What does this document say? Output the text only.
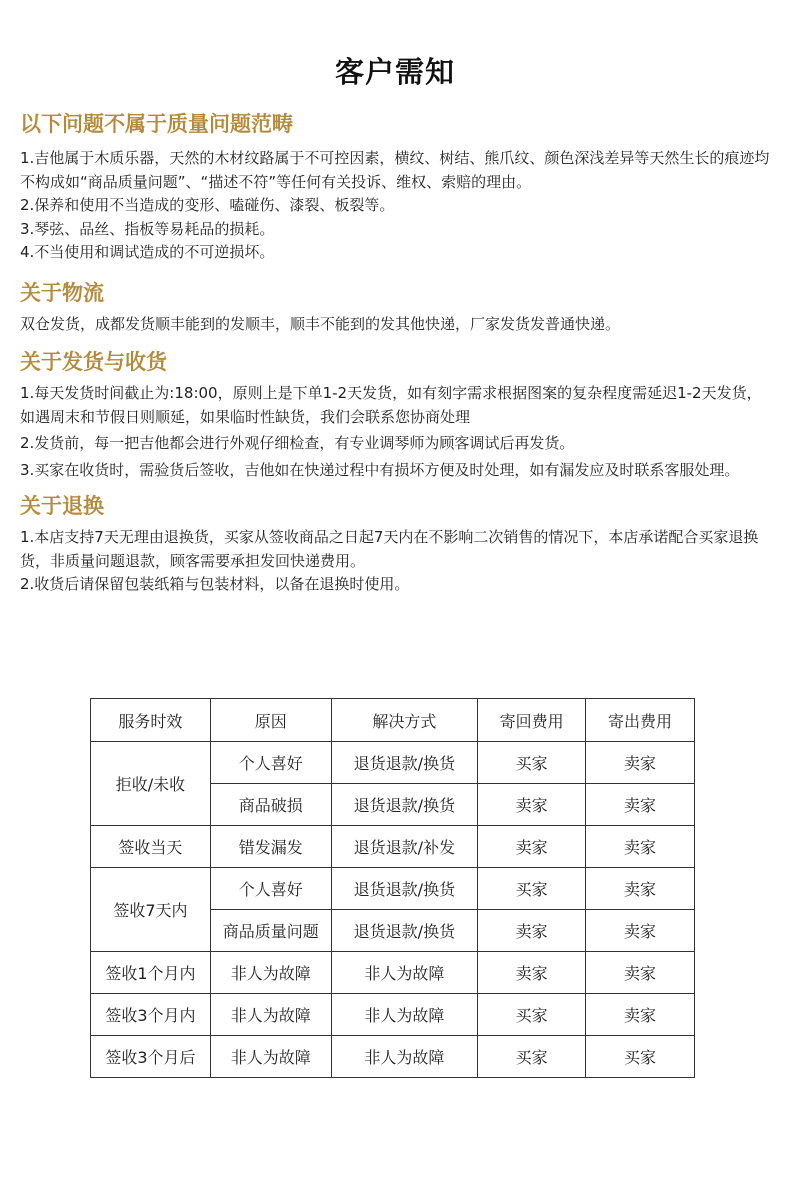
客户需知
以下问题不属于质量问题范畴

1.吉他属于木质乐器，天然的木材纹路属于不可控因素，横纹、树结、熊爪纹、颜色深浅差异等天然生长的痕迹均不构成如“商品质量问题”、“描述不符”等任何有关投诉、维权、索赔的理由。

2.保养和使用不当造成的变形、嗑碰伤、漆裂、板裂等。

3.琴弦、品丝、指板等易耗品的损耗。

4.不当使用和调试造成的不可逆损坏。

关于物流

双仓发货，成都发货顺丰能到的发顺丰，顺丰不能到的发其他快递，厂家发货发普通快递。

关于发货与收货

1.每天发货时间截止为:18:00，原则上是下单1-2天发货，如有刻字需求根据图案的复杂程度需延迟1-2天发货，如遇周末和节假日则顺延，如果临时性缺货，我们会联系您协商处理

2.发货前，每一把吉他都会进行外观仔细检查，有专业调琴师为顾客调试后再发货。

3.买家在收货时，需验货后签收，吉他如在快递过程中有损坏方便及时处理，如有漏发应及时联系客服处理。

关于退换

1.本店支持7天无理由退换货，买家从签收商品之日起7天内在不影响二次销售的情况下，本店承诺配合买家退换货，非质量问题退款，顾客需要承担发回快递费用。

2.收货后请保留包装纸箱与包装材料，以备在退换时使用。

服务时效	原因	解决方式	寄回费用	寄出费用
拒收/未收	个人喜好	退货退款/换货	买家	卖家
	商品破损	退货退款/换货	卖家	卖家
签收当天	错发漏发	退货退款/补发	卖家	卖家
签收7天内	个人喜好	退货退款/换货	买家	卖家
	商品质量问题	退货退款/换货	卖家	卖家
签收1个月内	非人为故障	非人为故障	卖家	卖家
签收3个月内	非人为故障	非人为故障	买家	卖家
签收3个月后	非人为故障	非人为故障	买家	买家
